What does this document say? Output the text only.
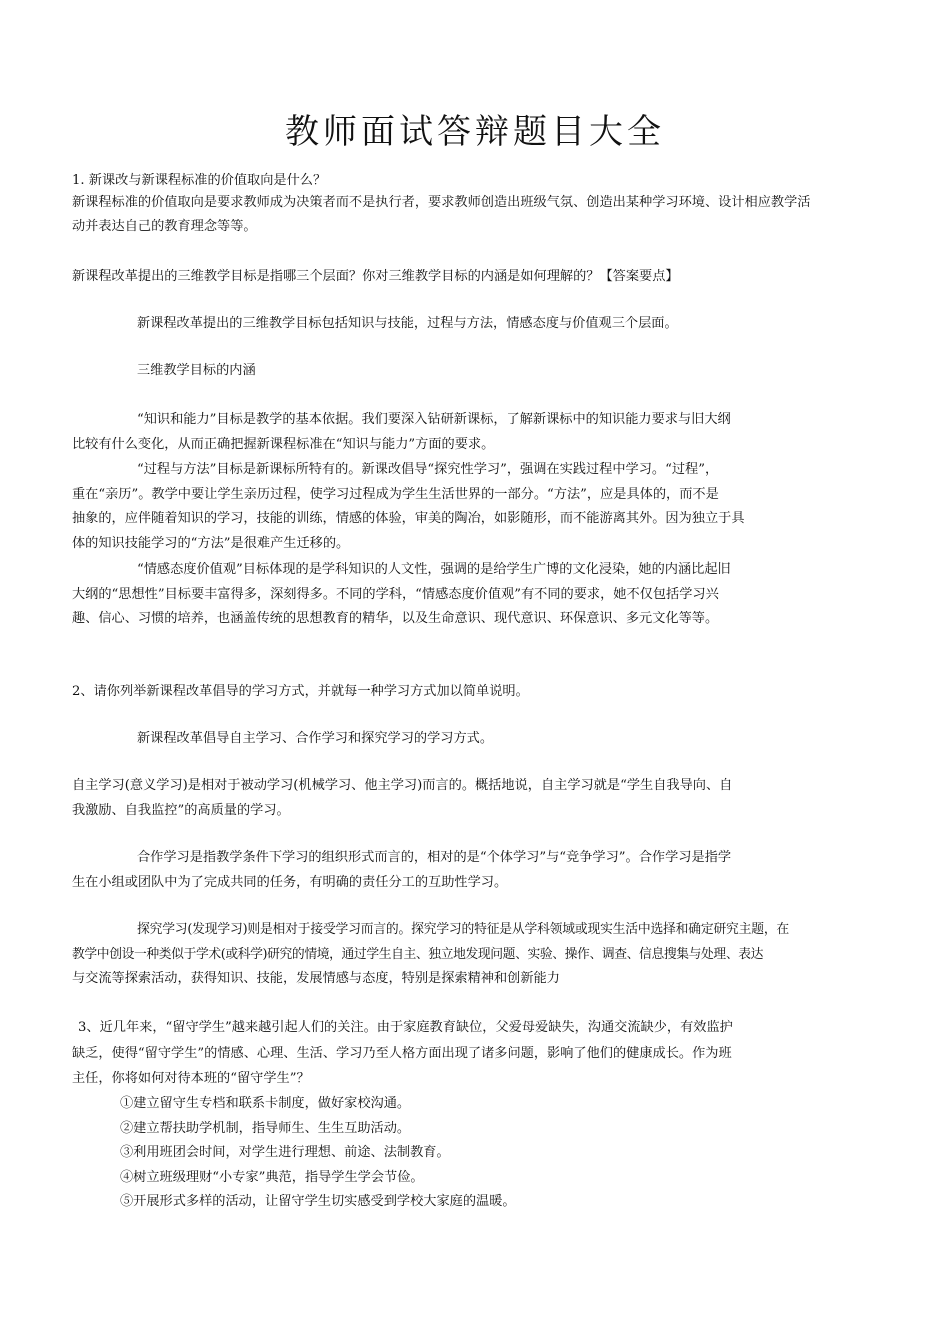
教师面试答辩题目大全
1. 新课改与新课程标准的价值取向是什么？
新课程标准的价值取向是要求教师成为决策者而不是执行者，要求教师创造出班级气氛、创造出某种学习环境、设计相应教学活
动并表达自己的教育理念等等。
新课程改革提出的三维教学目标是指哪三个层面？你对三维教学目标的内涵是如何理解的？【答案要点】
新课程改革提出的三维教学目标包括知识与技能，过程与方法，情感态度与价值观三个层面。
三维教学目标的内涵
“知识和能力”目标是教学的基本依据。我们要深入钻研新课标，了解新课标中的知识能力要求与旧大纲
比较有什么变化，从而正确把握新课程标准在“知识与能力”方面的要求。
“过程与方法”目标是新课标所特有的。新课改倡导“探究性学习”，强调在实践过程中学习。“过程”，
重在“亲历”。教学中要让学生亲历过程，使学习过程成为学生生活世界的一部分。“方法”，应是具体的，而不是
抽象的，应伴随着知识的学习，技能的训练，情感的体验，审美的陶冶，如影随形，而不能游离其外。因为独立于具
体的知识技能学习的“方法”是很难产生迁移的。
“情感态度价值观”目标体现的是学科知识的人文性，强调的是给学生广博的文化浸染，她的内涵比起旧
大纲的“思想性”目标要丰富得多，深刻得多。不同的学科，“情感态度价值观”有不同的要求，她不仅包括学习兴
趣、信心、习惯的培养，也涵盖传统的思想教育的精华，以及生命意识、现代意识、环保意识、多元文化等等。
2、请你列举新课程改革倡导的学习方式，并就每一种学习方式加以简单说明。
新课程改革倡导自主学习、合作学习和探究学习的学习方式。
自主学习(意义学习)是相对于被动学习(机械学习、他主学习)而言的。概括地说，自主学习就是“学生自我导向、自
我激励、自我监控”的高质量的学习。
合作学习是指教学条件下学习的组织形式而言的，相对的是“个体学习”与“竞争学习”。合作学习是指学
生在小组或团队中为了完成共同的任务，有明确的责任分工的互助性学习。
探究学习(发现学习)则是相对于接受学习而言的。探究学习的特征是从学科领域或现实生活中选择和确定研究主题，在
教学中创设一种类似于学术(或科学)研究的情境，通过学生自主、独立地发现问题、实验、操作、调查、信息搜集与处理、表达
与交流等探索活动，获得知识、技能，发展情感与态度，特别是探索精神和创新能力
3、近几年来，“留守学生”越来越引起人们的关注。由于家庭教育缺位，父爱母爱缺失，沟通交流缺少，有效监护
缺乏，使得“留守学生”的情感、心理、生活、学习乃至人格方面出现了诸多问题，影响了他们的健康成长。作为班
主任，你将如何对待本班的“留守学生”？
①建立留守生专档和联系卡制度，做好家校沟通。
②建立帮扶助学机制，指导师生、生生互助活动。
③利用班团会时间，对学生进行理想、前途、法制教育。
④树立班级理财“小专家”典范，指导学生学会节俭。
⑤开展形式多样的活动，让留守学生切实感受到学校大家庭的温暖。
